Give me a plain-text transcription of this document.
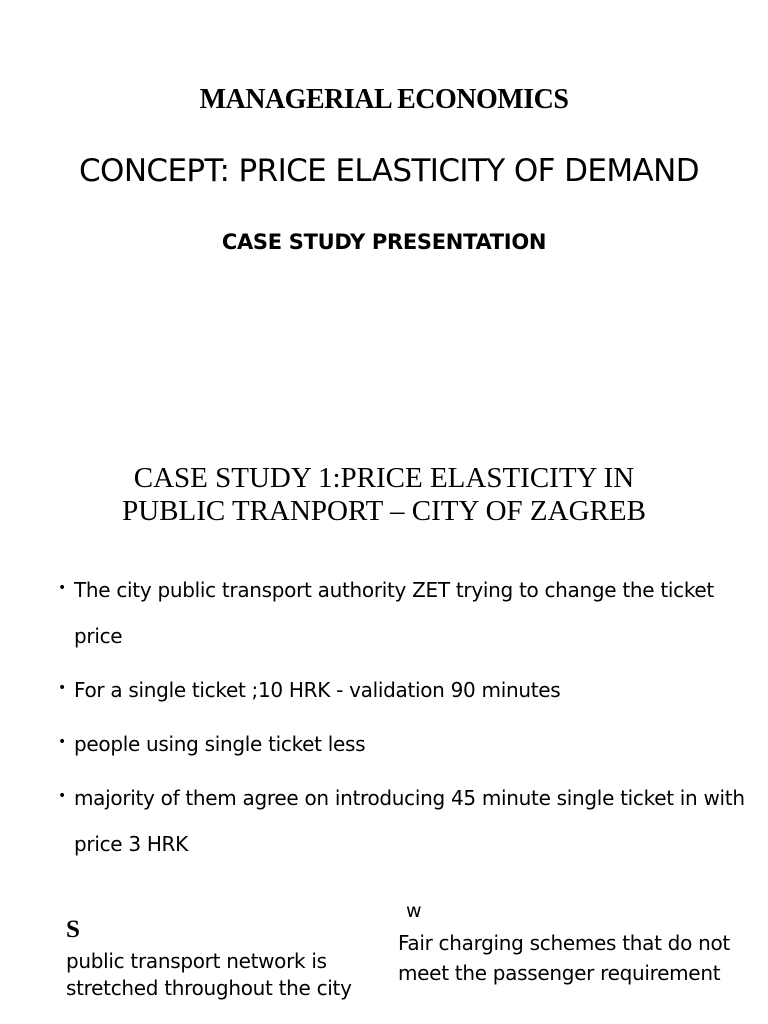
MANAGERIAL ECONOMICS
CONCEPT: PRICE ELASTICITY OF DEMAND
CASE STUDY PRESENTATION
CASE STUDY 1:PRICE ELASTICITY IN
PUBLIC TRANPORT – CITY OF ZAGREB
• The city public transport authority ZET trying to change the ticket price
• For a single ticket ;10 HRK - validation 90 minutes
• people using single ticket less
• majority of them agree on introducing 45 minute single ticket in with price 3 HRK
S
public transport network is stretched throughout the city
w
Fair charging schemes that do not meet the passenger requirement
